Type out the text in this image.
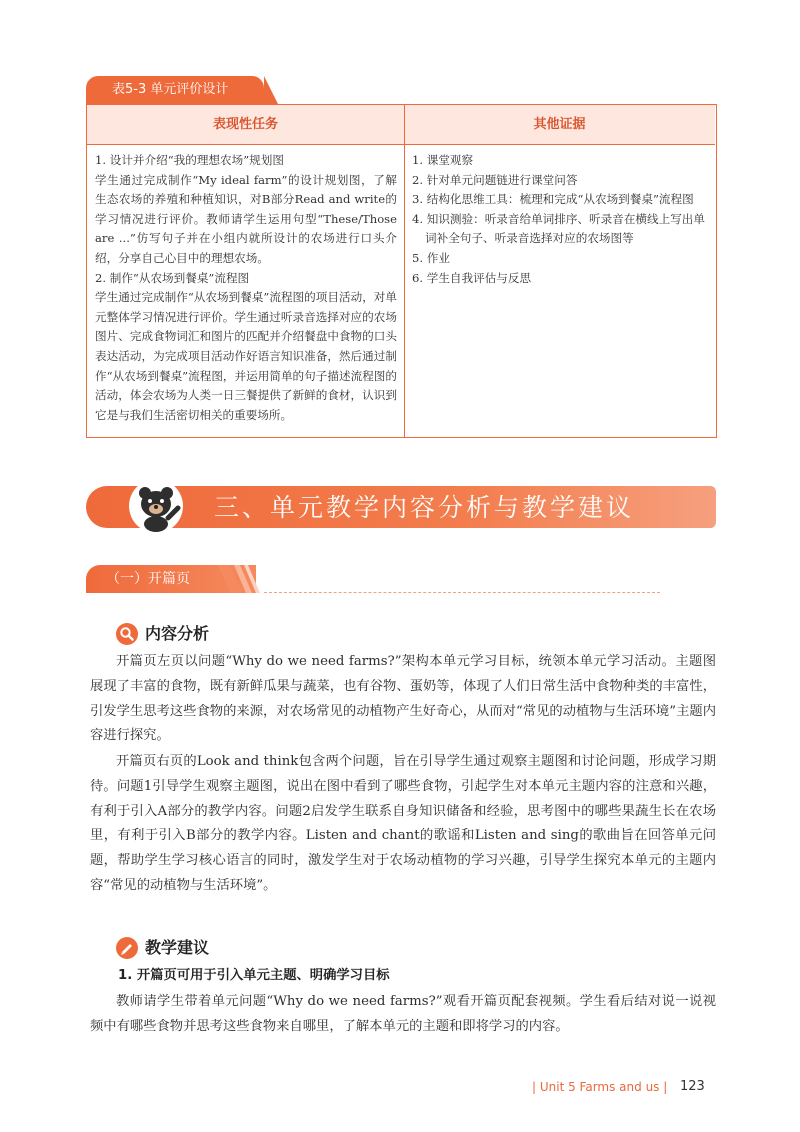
表5-3 单元评价设计
表现性任务	其他证据

1. 设计并介绍“我的理想农场”规划图

学生通过完成制作“My ideal farm”的设计规划图，了解生态农场的养殖和种植知识，对B部分Read and write的学习情况进行评价。教师请学生运用句型“These/Those are ...”仿写句子并在小组内就所设计的农场进行口头介绍，分享自己心目中的理想农场。

2. 制作“从农场到餐桌”流程图

学生通过完成制作“从农场到餐桌”流程图的项目活动，对单元整体学习情况进行评价。学生通过听录音选择对应的农场图片、完成食物词汇和图片的匹配并介绍餐盘中食物的口头表达活动，为完成项目活动作好语言知识准备，然后通过制作“从农场到餐桌”流程图，并运用简单的句子描述流程图的活动，体会农场为人类一日三餐提供了新鲜的食材，认识到它是与我们生活密切相关的重要场所。

1. 课堂观察

2. 针对单元问题链进行课堂问答

3. 结构化思维工具：梳理和完成“从农场到餐桌”流程图

4. 知识测验：听录音给单词排序、听录音在横线上写出单词补全句子、听录音选择对应的农场图等

5. 作业

6. 学生自我评估与反思

三、单元教学内容分析与教学建议
（一）开篇页
内容分析

开篇页左页以问题“Why do we need farms?”架构本单元学习目标，统领本单元学习活动。主题图展现了丰富的食物，既有新鲜瓜果与蔬菜，也有谷物、蛋奶等，体现了人们日常生活中食物种类的丰富性，引发学生思考这些食物的来源，对农场常见的动植物产生好奇心，从而对“常见的动植物与生活环境”主题内容进行探究。

开篇页右页的Look and think包含两个问题，旨在引导学生通过观察主题图和讨论问题，形成学习期待。问题1引导学生观察主题图，说出在图中看到了哪些食物，引起学生对本单元主题内容的注意和兴趣，有利于引入A部分的教学内容。问题2启发学生联系自身知识储备和经验，思考图中的哪些果蔬生长在农场里，有利于引入B部分的教学内容。Listen and chant的歌谣和Listen and sing的歌曲旨在回答单元问题，帮助学生学习核心语言的同时，激发学生对于农场动植物的学习兴趣，引导学生探究本单元的主题内容“常见的动植物与生活环境”。

教学建议
1. 开篇页可用于引入单元主题、明确学习目标

教师请学生带着单元问题“Why do we need farms?”观看开篇页配套视频。学生看后结对说一说视频中有哪些食物并思考这些食物来自哪里，了解本单元的主题和即将学习的内容。

| Unit 5 Farms and us | 123
